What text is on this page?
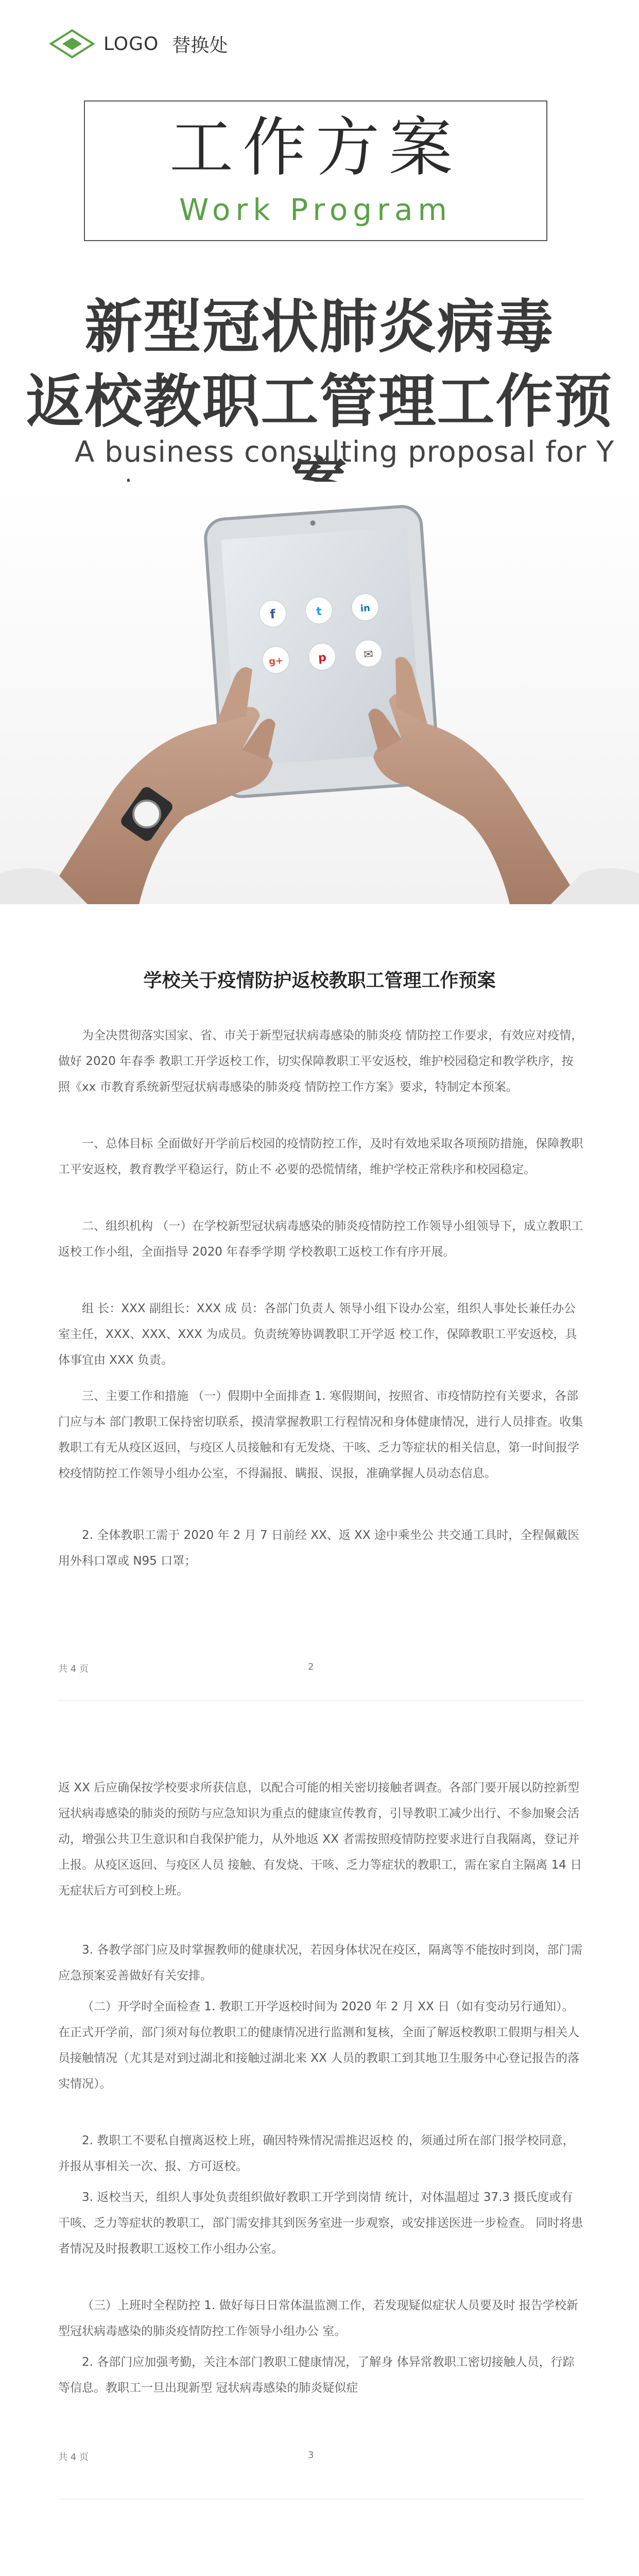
LOGO 替换处
工作方案
Work Program
新型冠状肺炎病毒
返校教职工管理工作预
A business consulting proposal for Y
f	t	in
g+	p	✉
学校关于疫情防护返校教职工管理工作预案

为全决贯彻落实国家、省、市关于新型冠状病毒感染的肺炎疫 情防控工作要求，有效应对疫情，做好 2020 年春季 教职工开学返校工作，切实保障教职工平安返校，维护校园稳定和教学秩序，按照《xx 市教育系统新型冠状病毒感染的肺炎疫 情防控工作方案》要求，特制定本预案。

一、总体目标 全面做好开学前后校园的疫情防控工作，及时有效地采取各项预防措施，保障教职工平安返校，教育教学平稳运行，防止不 必要的恐慌情绪，维护学校正常秩序和校园稳定。

二、组织机构 （一）在学校新型冠状病毒感染的肺炎疫情防控工作领导小组领导下，成立教职工返校工作小组，全面指导 2020 年春季学期 学校教职工返校工作有序开展。

组 长：XXX 副组长：XXX 成 员：各部门负责人 领导小组下设办公室，组织人事处长兼任办公室主任，XXX、XXX、XXX 为成员。负责统筹协调教职工开学返 校工作，保障教职工平安返校，具体事宜由 XXX 负责。

三、主要工作和措施 （一）假期中全面排查 1. 寒假期间，按照省、市疫情防控有关要求，各部门应与本 部门教职工保持密切联系，摸清掌握教职工行程情况和身体健康情况，进行人员排查。收集教职工有无从疫区返回，与疫区人员接触和有无发烧、干咳、乏力等症状的相关信息，第一时间报学校疫情防控工作领导小组办公室，不得漏报、瞒报、误报，准确掌握人员动态信息。

2. 全体教职工需于 2020 年 2 月 7 日前经 XX、返 XX 途中乘坐公 共交通工具时，全程佩戴医用外科口罩或 N95 口罩；

共 4 页	2

返 XX 后应确保按学校要求所获信息，以配合可能的相关密切接触者调查。各部门要开展以防控新型冠状病毒感染的肺炎的预防与应急知识为重点的健康宣传教育，引导教职工减少出行、不参加聚会活动，增强公共卫生意识和自我保护能力，从外地返 XX 者需按照疫情防控要求进行自我隔离，登记并上报。从疫区返回、与疫区人员 接触、有发烧、干咳、乏力等症状的教职工，需在家自主隔离 14 日无症状后方可到校上班。

3. 各教学部门应及时掌握教师的健康状况，若因身体状况在疫区，隔离等不能按时到岗，部门需应急预案妥善做好有关安排。

（二）开学时全面检查 1. 教职工开学返校时间为 2020 年 2 月 XX 日（如有变动另行通知）。在正式开学前，部门须对每位教职工的健康情况进行监测和复核，全面了解返校教职工假期与相关人员接触情况（尤其是对到过湖北和接触过湖北来 XX 人员的教职工到其地卫生服务中心登记报告的落实情况）。

2. 教职工不要私自擅离返校上班，确因特殊情况需推迟返校 的，须通过所在部门报学校同意，并报从事相关一次、报、方可返校。

3. 返校当天，组织人事处负责组织做好教职工开学到岗情 统计，对体温超过 37.3 摄氏度或有干咳、乏力等症状的教职工，部门需安排其到医务室进一步观察，或安排送医进一步检查。 同时将患者情况及时报教职工返校工作小组办公室。

（三）上班时全程防控 1. 做好每日日常体温监测工作，若发现疑似症状人员要及时 报告学校新型冠状病毒感染的肺炎疫情防控工作领导小组办公 室。

2. 各部门应加强考勤，关注本部门教职工健康情况，了解身 体异常教职工密切接触人员，行踪等信息。教职工一旦出现新型 冠状病毒感染的肺炎疑似症

共 4 页	3
